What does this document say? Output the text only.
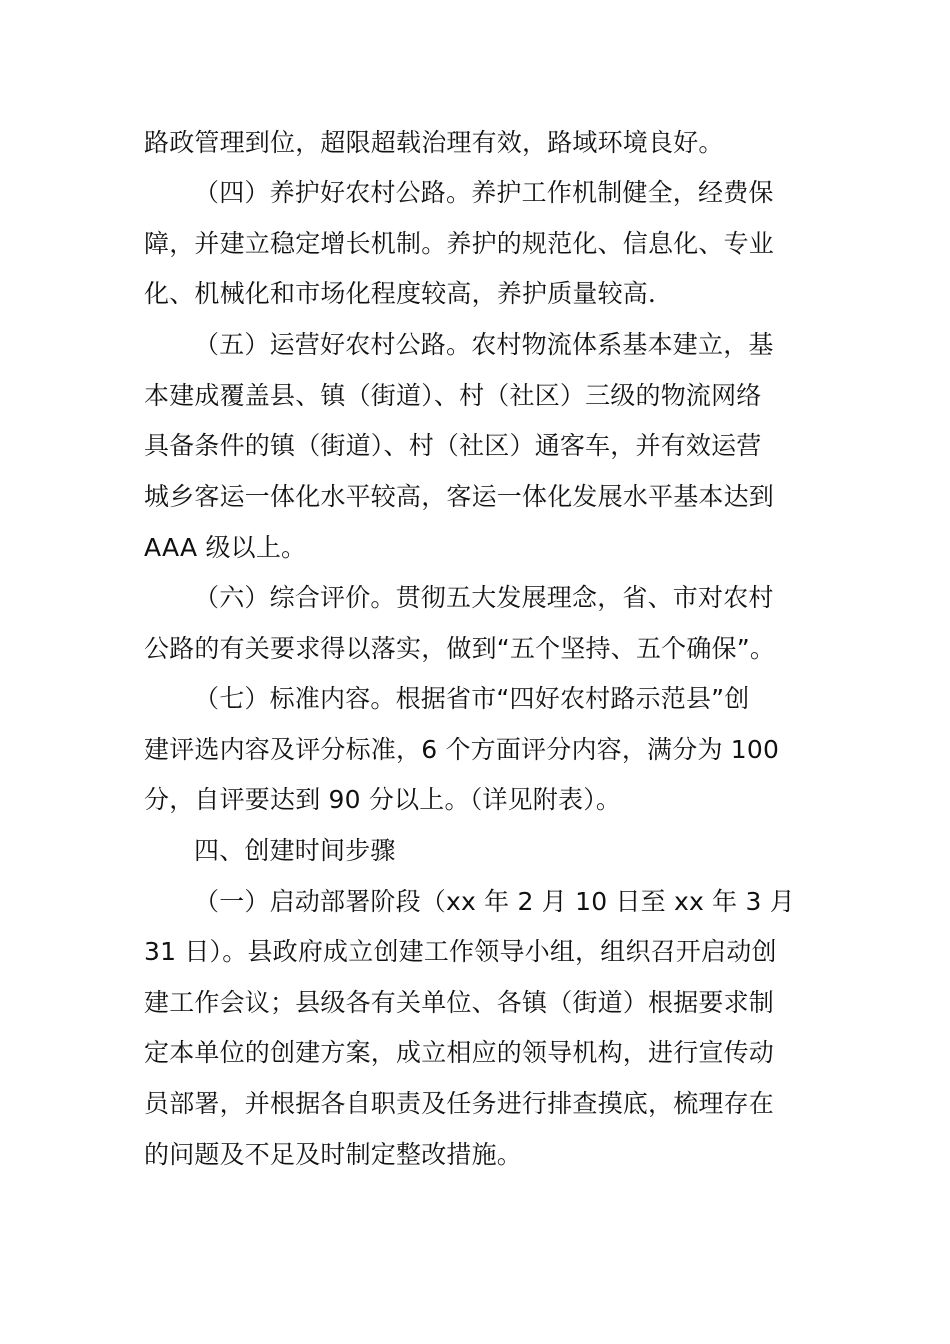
路政管理到位，超限超载治理有效，路域环境良好。
（四）养护好农村公路。养护工作机制健全，经费保
障，并建立稳定增长机制。养护的规范化、信息化、专业
化、机械化和市场化程度较高，养护质量较高．
（五）运营好农村公路。农村物流体系基本建立，基
本建成覆盖县、镇（街道）、村（社区）三级的物流网络
具备条件的镇（街道）、村（社区）通客车，并有效运营
城乡客运一体化水平较高，客运一体化发展水平基本达到
AAA 级以上。
（六）综合评价。贯彻五大发展理念，省、市对农村
公路的有关要求得以落实，做到“五个坚持、五个确保”。
（七）标准内容。根据省市“四好农村路示范县”创
建评选内容及评分标准，6 个方面评分内容，满分为 100
分，自评要达到 90 分以上。（详见附表）。
四、创建时间步骤
（一）启动部署阶段（xx 年 2 月 10 日至 xx 年 3 月
31 日）。县政府成立创建工作领导小组，组织召开启动创
建工作会议；县级各有关单位、各镇（街道）根据要求制
定本单位的创建方案，成立相应的领导机构，进行宣传动
员部署，并根据各自职责及任务进行排查摸底，梳理存在
的问题及不足及时制定整改措施。
